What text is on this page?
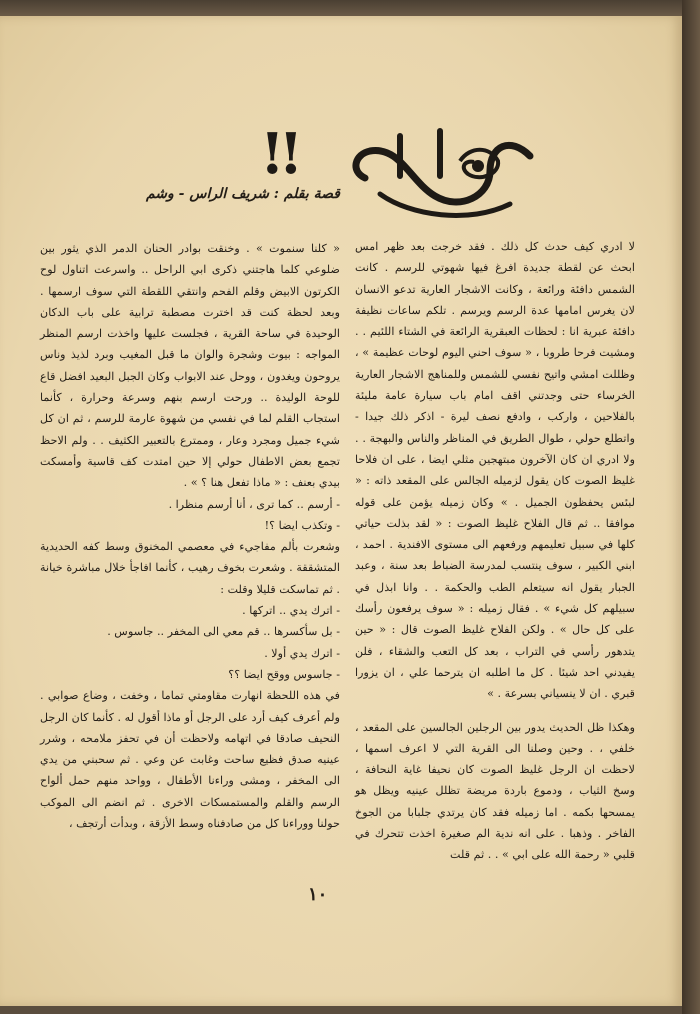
خلاقية
!!
قصة بقلم : شريف الراس - وشم

لا ادري كيف حدث كل ذلك . فقد خرجت بعد ظهر امس ابحث عن لقطة جديدة افرغ فيها شهوتي للرسم . كانت الشمس دافئة ورائعة ، وكانت الاشجار العارية تدعو الانسان لان يغرس امامها عدة الرسم ويرسم . تلكم ساعات نظيفة دافئة عبرية انا : لحظات العبقرية الرائعة في الشتاء اللئيم . . ومشيت فرحا طروبا ، « سوف احني اليوم لوحات عظيمة » ، وظللت امشي واتيح نفسي للشمس وللمناهج الاشجار العارية الخرساء حتى وجدتني اقف امام باب سيارة عامة مليئة بالفلاحين ، واركب ، وادفع نصف ليرة - اذكر ذلك جيدا - واتطلع حولي ، طوال الطريق في المناظر والناس والبهجة . . ولا ادري ان كان الآخرون مبتهجين مثلي ايضا ، على ان فلاحا غليظ الصوت كان يقول لزميله الجالس على المقعد ذاته : « لبئس يحفظون الجميل . » وكان زميله يؤمن على قوله موافقا .. ثم قال الفلاح غليظ الصوت : « لقد بذلت حياتي كلها في سبيل تعليمهم ورفعهم الى مستوى الافندية . احمد ، ابني الكبير ، سوف ينتسب لمدرسة الضباط بعد سنة ، وعبد الجبار يقول انه سيتعلم الطب والحكمة . . وانا ابذل في سبيلهم كل شيء » . فقال زميله : « سوف يرفعون رأسك على كل حال » . ولكن الفلاح غليظ الصوت قال : « حين يتدهور رأسي في التراب ، بعد كل التعب والشقاء ، فلن يفيدني احد شيئا . كل ما اطلبه ان يترحما علي ، ان يزورا قبري . ان لا ينسياني بسرعة . »

وهكذا ظل الحديث يدور بين الرجلين الجالسين على المقعد ، خلفي ، . وحين وصلنا الى القرية التي لا اعرف اسمها ، لاحظت ان الرجل غليظ الصوت كان نحيفا غاية النحافة ، وسخ الثياب ، ودموع باردة مريضة تظلل عينيه ويظل هو يمسحها بكمه . اما زميله فقد كان يرتدي جلبابا من الجوخ الفاخر . وذهبا . على انه ندية الم صغيرة اخذت تتحرك في قلبي « رحمة الله على ابي » . . ثم قلت

« كلنا سنموت » . وخنقت بوادر الحنان الدمر الذي يثور بين ضلوعي كلما هاجتني ذكرى ابي الراحل .. واسرعت اتناول لوح الكرتون الابيض وقلم الفحم وانتقي اللقطة التي سوف ارسمها . وبعد لحظة كنت قد اخترت مصطبة ترابية على باب الدكان الوحيدة في ساحة القرية ، فجلست عليها واخذت ارسم المنظر المواجه : بيوت وشجرة والوان ما قبل المغيب وبرد لذيذ وناس يروحون ويغدون ، ووحل عند الابواب وكان الجبل البعيد افضل قاع للوحة الوليدة .. ورحت ارسم بنهم وسرعة وحرارة ، كأنما استجاب القلم لما في نفسي من شهوة عارمة للرسم ، ثم ان كل شيء جميل ومجرد وعار ، وممترع بالتعبير الكثيف . . ولم الاحظ تجمع بعض الاطفال حولي إلا حين امتدت كف قاسية وأمسكت بيدي بعنف : « ماذا تفعل هنا ؟ » .

- أرسم .. كما ترى ، أنا أرسم منظرا .

- وتكذب ايضا ؟!

وشعرت بألم مفاجيء في معصمي المخنوق وسط كفه الحديدية المتشققة . وشعرت بخوف رهيب ، كأنما افاجأ خلال مباشرة خيانة . ثم تماسكت قليلا وقلت :

- اترك يدي .. اتركها .

- بل سأكسرها .. قم معي الى المخفر .. جاسوس .

- اترك يدي أولا .

- جاسوس ووقح ايضا ؟؟

في هذه اللحظة انهارت مقاومتي تماما ، وخفت ، وضاع صوابي . ولم أعرف كيف أرد على الرجل أو ماذا أقول له . كأنما كان الرجل النحيف صادقا في اتهامه ولاحظت أن في تحفز ملامحه ، وشرر عينيه صدق فظيع ساحت وغابت عن وعي . ثم سحبني من يدي الى المخفر ، ومشى وراءنا الأطفال ، وواحد منهم حمل ألواح الرسم والقلم والمستمسكات الاخرى . ثم انضم الى الموكب حولنا ووراءنا كل من صادفناه وسط الأزقة ، وبدأت أرتجف ،

١٠
